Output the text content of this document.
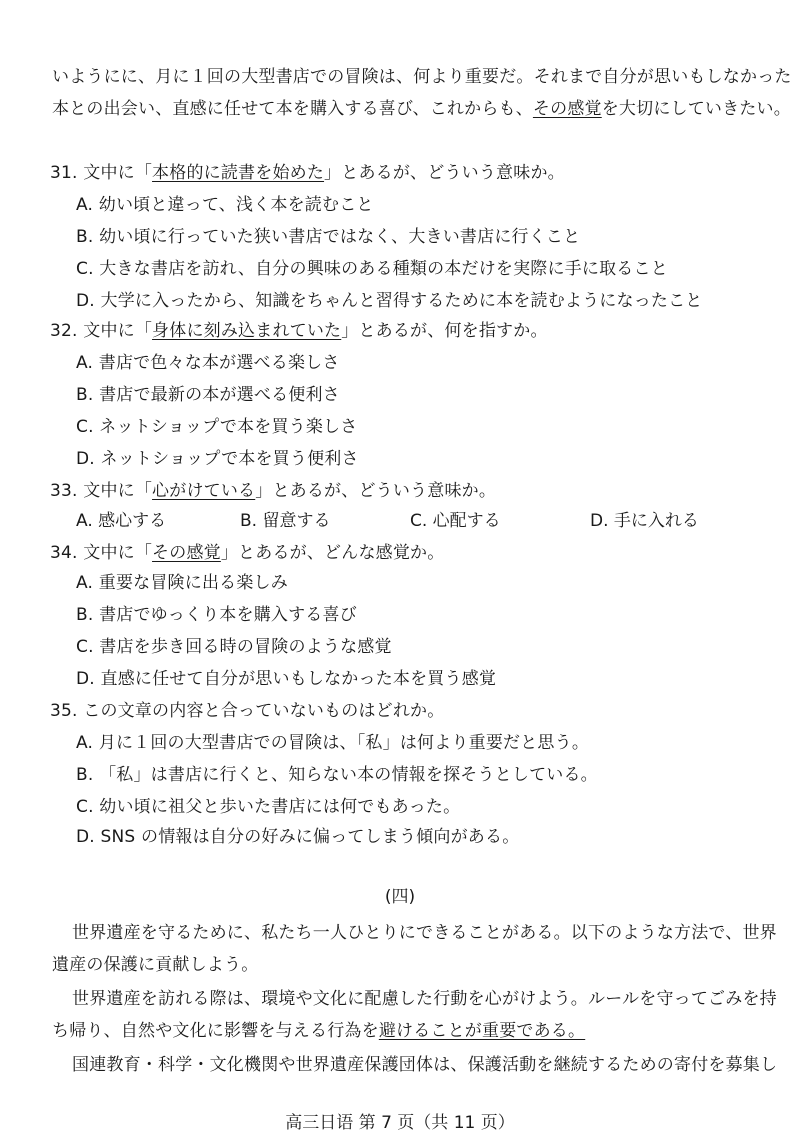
いようにに、月に１回の大型書店での冒険は、何より重要だ。それまで自分が思いもしなかった
本との出会い、直感に任せて本を購入する喜び、これからも、その感覚を大切にしていきたい。
31. 文中に「本格的に読書を始めた」とあるが、どういう意味か。
A. 幼い頃と違って、浅く本を読むこと
B. 幼い頃に行っていた狭い書店ではなく、大きい書店に行くこと
C. 大きな書店を訪れ、自分の興味のある種類の本だけを実際に手に取ること
D. 大学に入ったから、知識をちゃんと習得するために本を読むようになったこと
32. 文中に「身体に刻み込まれていた」とあるが、何を指すか。
A. 書店で色々な本が選べる楽しさ
B. 書店で最新の本が選べる便利さ
C. ネットショップで本を買う楽しさ
D. ネットショップで本を買う便利さ
33. 文中に「心がけている」とあるが、どういう意味か。
A. 感心する	B. 留意する	C. 心配する	D. 手に入れる
34. 文中に「その感覚」とあるが、どんな感覚か。
A. 重要な冒険に出る楽しみ
B. 書店でゆっくり本を購入する喜び
C. 書店を歩き回る時の冒険のような感覚
D. 直感に任せて自分が思いもしなかった本を買う感覚
35. この文章の内容と合っていないものはどれか。
A. 月に１回の大型書店での冒険は、「私」は何より重要だと思う。
B. 「私」は書店に行くと、知らない本の情報を探そうとしている。
C. 幼い頃に祖父と歩いた書店には何でもあった。
D. SNS の情報は自分の好みに偏ってしまう傾向がある。
(四)
世界遺産を守るために、私たち一人ひとりにできることがある。以下のような方法で、世界
遺産の保護に貢献しよう。
世界遺産を訪れる際は、環境や文化に配慮した行動を心がけよう。ルールを守ってごみを持
ち帰り、自然や文化に影響を与える行為を避けることが重要である。
国連教育・科学・文化機関や世界遺産保護団体は、保護活動を継続するための寄付を募集し
高三日语 第 7 页（共 11 页）
